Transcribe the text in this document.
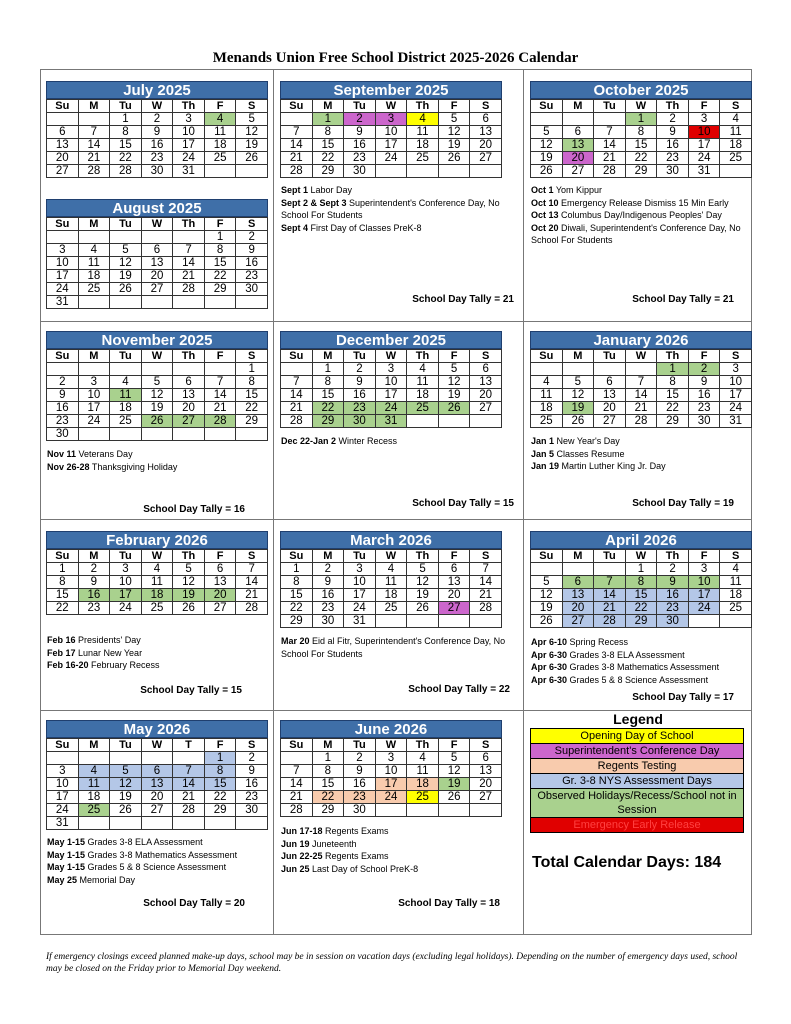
Menands Union Free School District 2025-2026 Calendar
July 2025
Su	M	Tu	W	Th	F	S
		1	2	3	4	5
6	7	8	9	10	11	12
13	14	15	16	17	18	19
20	21	22	23	24	25	26
27	28	28	30	31		
August 2025
Su	M	Tu	W	Th	F	S
					1	2
3	4	5	6	7	8	9
10	11	12	13	14	15	16
17	18	19	20	21	22	23
24	25	26	27	28	29	30
31						
September 2025
Su	M	Tu	W	Th	F	S
	1	2	3	4	5	6
7	8	9	10	11	12	13
14	15	16	17	18	19	20
21	22	23	24	25	26	27
28	29	30				
October 2025
Su	M	Tu	W	Th	F	S
			1	2	3	4
5	6	7	8	9	10	11
12	13	14	15	16	17	18
19	20	21	22	23	24	25
26	27	28	29	30	31	
November 2025
Su	M	Tu	W	Th	F	S
						1
2	3	4	5	6	7	8
9	10	11	12	13	14	15
16	17	18	19	20	21	22
23	24	25	26	27	28	29
30						
December 2025
Su	M	Tu	W	Th	F	S
	1	2	3	4	5	6
7	8	9	10	11	12	13
14	15	16	17	18	19	20
21	22	23	24	25	26	27
28	29	30	31			
January 2026
Su	M	Tu	W	Th	F	S
				1	2	3
4	5	6	7	8	9	10
11	12	13	14	15	16	17
18	19	20	21	22	23	24
25	26	27	28	29	30	31
February 2026
Su	M	Tu	W	Th	F	S
1	2	3	4	5	6	7
8	9	10	11	12	13	14
15	16	17	18	19	20	21
22	23	24	25	26	27	28
March 2026
Su	M	Tu	W	Th	F	S
1	2	3	4	5	6	7
8	9	10	11	12	13	14
15	16	17	18	19	20	21
22	23	24	25	26	27	28
29	30	31				
April 2026
Su	M	Tu	W	Th	F	S
			1	2	3	4
5	6	7	8	9	10	11
12	13	14	15	16	17	18
19	20	21	22	23	24	25
26	27	28	29	30		
May 2026
Su	M	Tu	W	T	F	S
					1	2
3	4	5	6	7	8	9
10	11	12	13	14	15	16
17	18	19	20	21	22	23
24	25	26	27	28	29	30
31						
June 2026
Su	M	Tu	W	Th	F	S
	1	2	3	4	5	6
7	8	9	10	11	12	13
14	15	16	17	18	19	20
21	22	23	24	25	26	27
28	29	30				
Sept 1 Labor Day
Sept 2 & Sept 3 Superintendent's Conference Day, No School For Students
Sept 4 First Day of Classes PreK-8
Oct 1 Yom Kippur
Oct 10 Emergency Release Dismiss 15 Min Early
Oct 13 Columbus Day/Indigenous Peoples' Day
Oct 20 Diwali, Superintendent's Conference Day, No School For Students
Nov 11 Veterans Day
Nov 26-28 Thanksgiving Holiday
Dec 22-Jan 2 Winter Recess	Jan 1 New Year's Day
Jan 5 Classes Resume
Jan 19 Martin Luther King Jr. Day
Feb 16 Presidents' Day
Feb 17 Lunar New Year
Feb 16-20 February Recess
Mar 20 Eid al Fitr, Superintendent's Conference Day, No School For Students
Apr 6-10 Spring Recess
Apr 6-30 Grades 3-8 ELA Assessment
Apr 6-30 Grades 3-8 Mathematics Assessment
Apr 6-30 Grades 5 & 8 Science Assessment
May 1-15 Grades 3-8 ELA Assessment
May 1-15 Grades 3-8 Mathematics Assessment
May 1-15 Grades 5 & 8 Science Assessment
May 25 Memorial Day
Jun 17-18 Regents Exams
Jun 19 Juneteenth
Jun 22-25 Regents Exams
Jun 25 Last Day of School PreK-8
School Day Tally = 21	School Day Tally = 21
School Day Tally = 16
School Day Tally = 15	School Day Tally = 19
School Day Tally = 15	School Day Tally = 22
School Day Tally = 17
School Day Tally = 20	School Day Tally = 18
Legend
Opening Day of School
Superintendent's Conference Day
Regents Testing
Gr. 3-8 NYS Assessment Days
Observed Holidays/Recess/School not in Session
Emergency Early Release
Total Calendar Days: 184
If emergency closings exceed planned make-up days, school may be in session on vacation days (excluding legal holidays). Depending on the number of emergency days used, school may be closed on the Friday prior to Memorial Day weekend.
